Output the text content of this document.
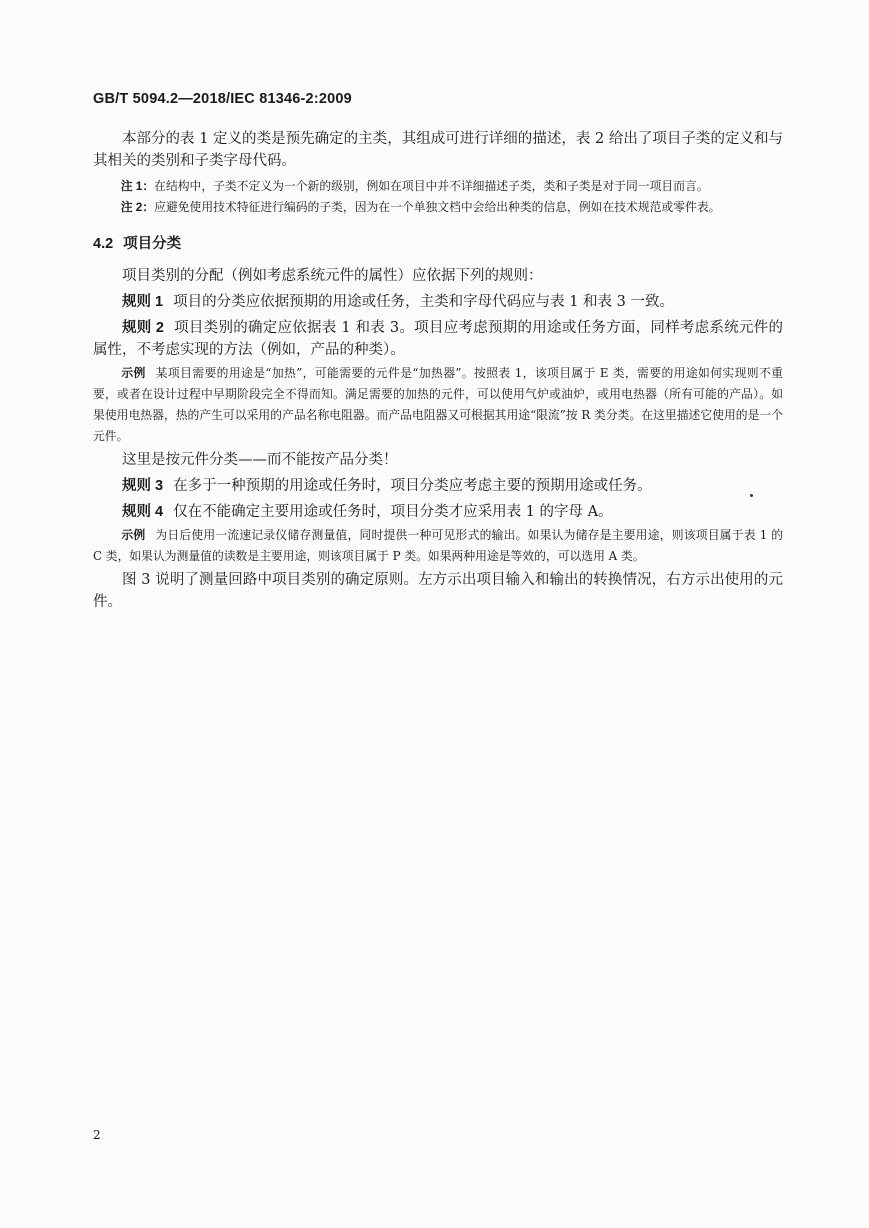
GB/T 5094.2—2018/IEC 81346-2:2009

本部分的表 1 定义的类是预先确定的主类，其组成可进行详细的描述，表 2 给出了项目子类的定义和与其相关的类别和子类字母代码。

注 1：在结构中，子类不定义为一个新的级别，例如在项目中并不详细描述子类，类和子类是对于同一项目而言。

注 2：应避免使用技术特征进行编码的子类，因为在一个单独文档中会给出种类的信息，例如在技术规范或零件表。

4.2 项目分类

项目类别的分配（例如考虑系统元件的属性）应依据下列的规则：

规则 1 项目的分类应依据预期的用途或任务，主类和字母代码应与表 1 和表 3 一致。

规则 2 项目类别的确定应依据表 1 和表 3。项目应考虑预期的用途或任务方面，同样考虑系统元件的属性，不考虑实现的方法（例如，产品的种类）。

示例 某项目需要的用途是“加热”，可能需要的元件是“加热器”。按照表 1，该项目属于 E 类，需要的用途如何实现则不重要，或者在设计过程中早期阶段完全不得而知。满足需要的加热的元件，可以使用气炉或油炉，或用电热器（所有可能的产品）。如果使用电热器，热的产生可以采用的产品名称电阻器。而产品电阻器又可根据其用途“限流”按 R 类分类。在这里描述它使用的是一个元件。

这里是按元件分类——而不能按产品分类！

规则 3 在多于一种预期的用途或任务时，项目分类应考虑主要的预期用途或任务。

规则 4 仅在不能确定主要用途或任务时，项目分类才应采用表 1 的字母 A。

示例 为日后使用一流速记录仪储存测量值，同时提供一种可见形式的输出。如果认为储存是主要用途，则该项目属于表 1 的 C 类，如果认为测量值的读数是主要用途，则该项目属于 P 类。如果两种用途是等效的，可以选用 A 类。

图 3 说明了测量回路中项目类别的确定原则。左方示出项目输入和输出的转换情况，右方示出使用的元件。

2
